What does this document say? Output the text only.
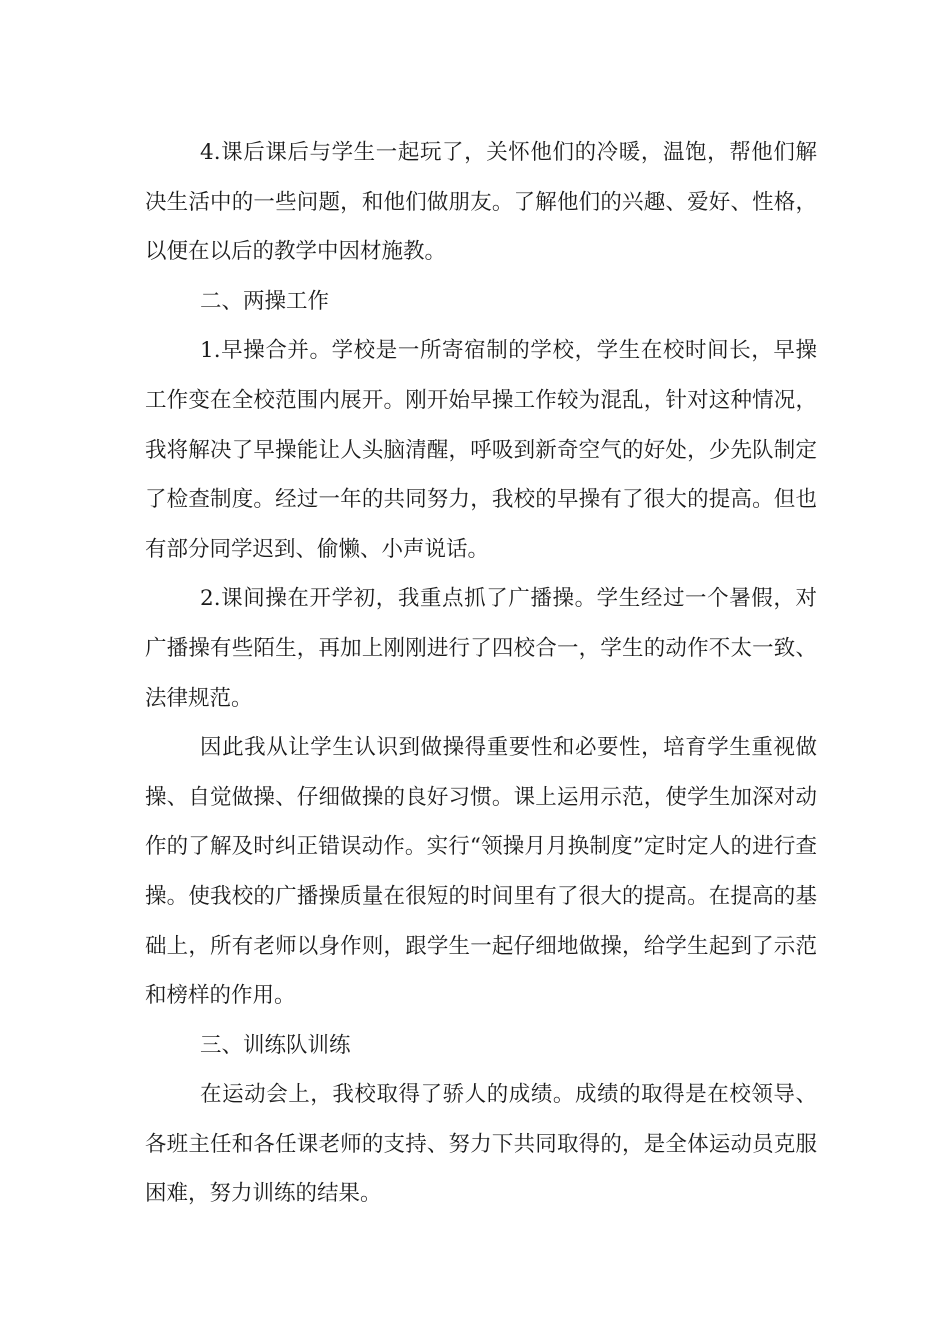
4.课后课后与学生一起玩了，关怀他们的冷暖，温饱，帮他们解决生活中的一些问题，和他们做朋友。了解他们的兴趣、爱好、性格，以便在以后的教学中因材施教。

二、两操工作

1.早操合并。学校是一所寄宿制的学校，学生在校时间长，早操工作变在全校范围内展开。刚开始早操工作较为混乱，针对这种情况，我将解决了早操能让人头脑清醒，呼吸到新奇空气的好处，少先队制定了检查制度。经过一年的共同努力，我校的早操有了很大的提高。但也有部分同学迟到、偷懒、小声说话。

2.课间操在开学初，我重点抓了广播操。学生经过一个暑假，对广播操有些陌生，再加上刚刚进行了四校合一，学生的动作不太一致、法律规范。

因此我从让学生认识到做操得重要性和必要性，培育学生重视做操、自觉做操、仔细做操的良好习惯。课上运用示范，使学生加深对动作的了解及时纠正错误动作。实行“领操月月换制度”定时定人的进行查操。使我校的广播操质量在很短的时间里有了很大的提高。在提高的基础上，所有老师以身作则，跟学生一起仔细地做操，给学生起到了示范和榜样的作用。

三、训练队训练

在运动会上，我校取得了骄人的成绩。成绩的取得是在校领导、各班主任和各任课老师的支持、努力下共同取得的，是全体运动员克服困难，努力训练的结果。
